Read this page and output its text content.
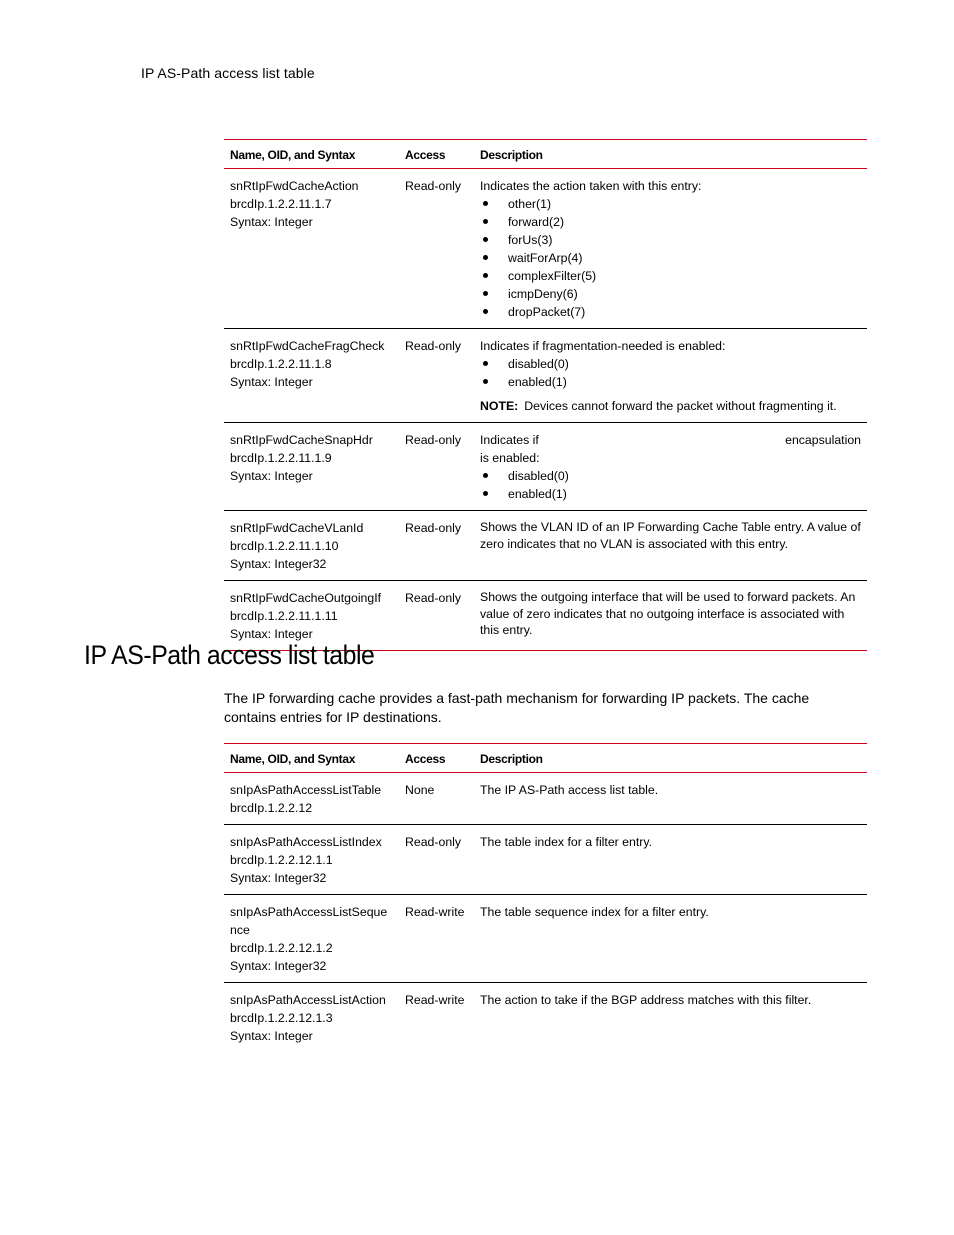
IP AS-Path access list table
Name, OID, and Syntax	Access	Description
snRtIpFwdCacheAction
brcdIp.1.2.2.11.1.7
Syntax: Integer
Read-only	Indicates the action taken with this entry:
other(1)
forward(2)
forUs(3)
waitForArp(4)
complexFilter(5)
icmpDeny(6)
dropPacket(7)
snRtIpFwdCacheFragCheck
brcdIp.1.2.2.11.1.8
Syntax: Integer
Read-only	Indicates if fragmentation-needed is enabled:
disabled(0)
enabled(1)
NOTE: Devices cannot forward the packet without fragmenting it.
snRtIpFwdCacheSnapHdr
brcdIp.1.2.2.11.1.9
Syntax: Integer
Read-only	Indicates if	encapsulation
is enabled:
disabled(0)
enabled(1)
snRtIpFwdCacheVLanId
brcdIp.1.2.2.11.1.10
Syntax: Integer32
Read-only	Shows the VLAN ID of an IP Forwarding Cache Table entry. A value of zero indicates that no VLAN is associated with this entry.
snRtIpFwdCacheOutgoingIf
brcdIp.1.2.2.11.1.11
Syntax: Integer
Read-only	Shows the outgoing interface that will be used to forward packets. An value of zero indicates that no outgoing interface is associated with this entry.
IP AS-Path access list table

The IP forwarding cache provides a fast-path mechanism for forwarding IP packets. The cache contains entries for IP destinations.

Name, OID, and Syntax	Access	Description
snIpAsPathAccessListTable
brcdIp.1.2.2.12
None	The IP AS-Path access list table.
snIpAsPathAccessListIndex
brcdIp.1.2.2.12.1.1
Syntax: Integer32
Read-only	The table index for a filter entry.
snIpAsPathAccessListSeque
nce
brcdIp.1.2.2.12.1.2
Syntax: Integer32
Read-write	The table sequence index for a filter entry.
snIpAsPathAccessListAction
brcdIp.1.2.2.12.1.3
Syntax: Integer
Read-write	The action to take if the BGP address matches with this filter.
